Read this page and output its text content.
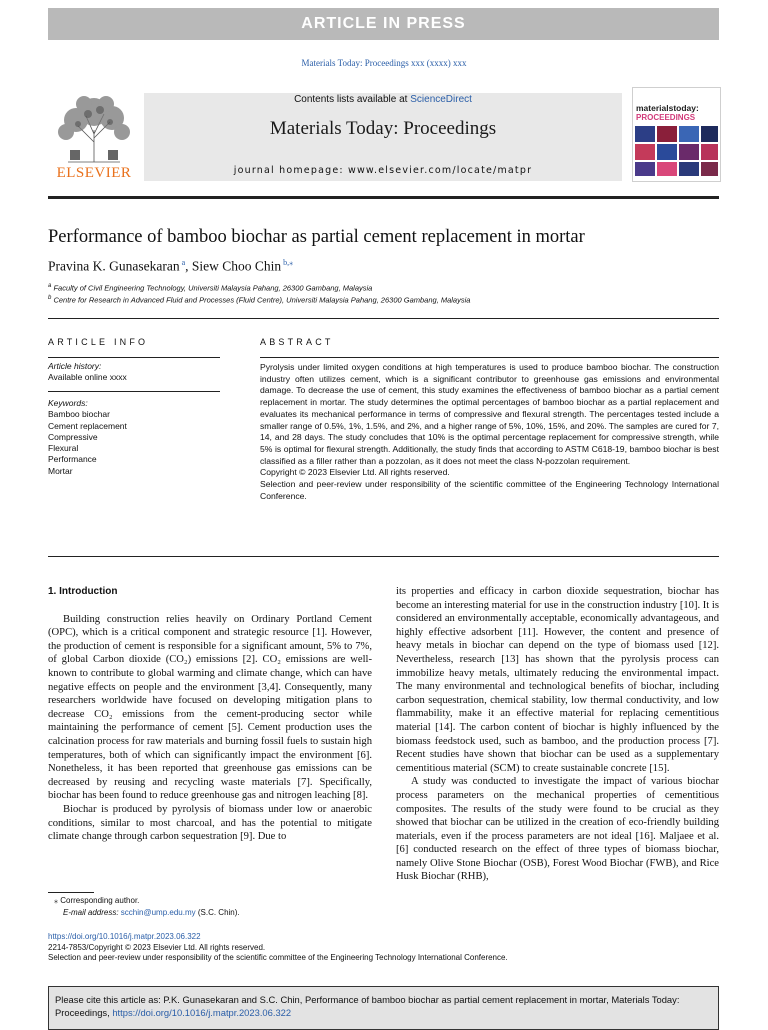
ARTICLE IN PRESS
Materials Today: Proceedings xxx (xxxx) xxx
ELSEVIER
Contents lists available at ScienceDirect
Materials Today: Proceedings
journal homepage: www.elsevier.com/locate/matpr
materialstoday:
PROCEEDINGS
Performance of bamboo biochar as partial cement replacement in mortar
Pravina K. Gunasekaran $^a$, Siew Choo Chin $^{b,⁎}$
$^a$ Faculty of Civil Engineering Technology, Universiti Malaysia Pahang, 26300 Gambang, Malaysia
$^b$ Centre for Research in Advanced Fluid and Processes (Fluid Centre), Universiti Malaysia Pahang, 26300 Gambang, Malaysia
ARTICLE INFO
Article history:
Available online xxxx
Keywords:
Bamboo biochar
Cement replacement
Compressive
Flexural
Performance
Mortar
ABSTRACT

Pyrolysis under limited oxygen conditions at high temperatures is used to produce bamboo biochar. The construction industry often utilizes cement, which is a significant contributor to greenhouse gas emissions and environmental damage. To decrease the use of cement, this study examines the effectiveness of bamboo biochar as a partial cement replacement in mortar. The study determines the optimal percentages of bamboo biochar as a partial replacement and evaluates its mechanical performance in terms of compressive and flexural strength. The percentages tested include a smaller range of 0.5%, 1%, 1.5%, and 2%, and a higher range of 5%, 10%, 15%, and 20%. The samples are cured for 7, 14, and 28 days. The study concludes that 10% is the optimal percentage replacement for compressive strength, while 5% is optimal for flexural strength. Additionally, the study finds that according to ASTM C618-19, bamboo biochar is best classified as a filler rather than a pozzolan, as it does not meet the class N-pozzolan requirement.

Copyright © 2023 Elsevier Ltd. All rights reserved.

Selection and peer-review under responsibility of the scientific committee of the Engineering Technology International Conference.

1. Introduction

Building construction relies heavily on Ordinary Portland Cement (OPC), which is a critical component and strategic resource [1]. However, the production of cement is responsible for a significant amount, 5% to 7%, of global Carbon dioxide (CO₂) emissions [2]. CO₂ emissions are well-known to contribute to global warming and climate change, which can have negative effects on people and the environment [3,4]. Consequently, many researchers worldwide have focused on developing mitigation plans to decrease CO₂ emissions from the cement-producing sector while maintaining the performance of cement [5]. Cement production uses the calcination process for raw materials and burning fossil fuels to sustain high temperatures, both of which can significantly impact the environment [6]. Nonetheless, it has been reported that greenhouse gas emissions can be decreased by reusing and recycling waste materials [7]. Specifically, biochar has been found to reduce greenhouse gas and nitrogen leaching [8].

Biochar is produced by pyrolysis of biomass under low or anaerobic conditions, similar to most charcoal, and has the potential to mitigate climate change through carbon sequestration [9]. Due to

its properties and efficacy in carbon dioxide sequestration, biochar has become an interesting material for use in the construction industry [10]. It is considered an environmentally acceptable, economically advantageous, and highly effective adsorbent [11]. However, the content and presence of heavy metals in biochar can depend on the type of biomass used [12]. Nevertheless, research [13] has shown that the pyrolysis process can immobilize heavy metals, ultimately reducing the environmental impact. The many environmental and technological benefits of biochar, including carbon sequestration, chemical stability, low thermal conductivity, and low flammability, make it an effective material for replacing cementitious material [14]. The carbon content of biochar is highly influenced by the biomass feedstock used, such as bamboo, and the production process [7]. Recent studies have shown that biochar can be used as a supplementary cementitious material (SCM) to create sustainable concrete [15].

A study was conducted to investigate the impact of various biochar process parameters on the mechanical properties of cementitious composites. The results of the study were found to be crucial as they showed that biochar can be utilized in the creation of eco-friendly building materials, even if the process parameters are not ideal [16]. Maljaee et al. [6] conducted research on the effect of three types of biomass biochar, namely Olive Stone Biochar (OSB), Forest Wood Biochar (FWB), and Rice Husk Biochar (RHB),

⁎ Corresponding author.
E-mail address: scchin@ump.edu.my (S.C. Chin).
https://doi.org/10.1016/j.matpr.2023.06.322
2214-7853/Copyright © 2023 Elsevier Ltd. All rights reserved.
Selection and peer-review under responsibility of the scientific committee of the Engineering Technology International Conference.
Please cite this article as: P.K. Gunasekaran and S.C. Chin, Performance of bamboo biochar as partial cement replacement in mortar, Materials Today: Proceedings, https://doi.org/10.1016/j.matpr.2023.06.322
